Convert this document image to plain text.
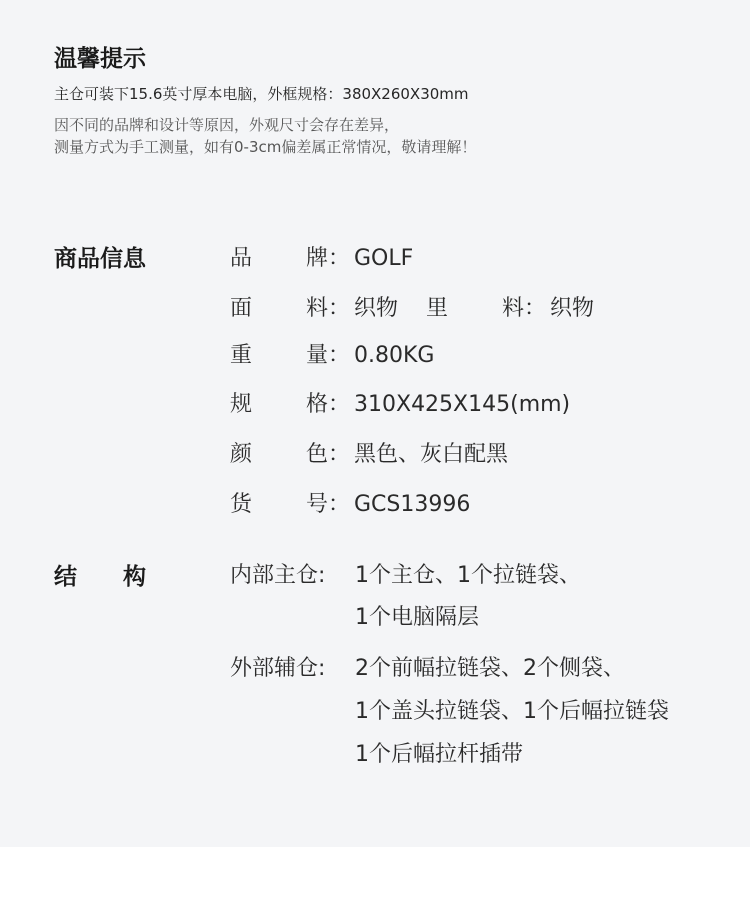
温馨提示
主仓可装下15.6英寸厚本电脑，外框规格：380X260X30mm
因不同的品牌和设计等原因，外观尺寸会存在差异，
测量方式为手工测量，如有0-3cm偏差属正常情况，敬请理解！
商品信息	品牌： GOLF
面料： 织物 里料： 织物
重量： 0.80KG
规格： 310X425X145(mm)
颜色： 黑色、灰白配黑
货号： GCS13996
结　　构	内部主仓: 1个主仓、1个拉链袋、
1个电脑隔层
外部辅仓: 2个前幅拉链袋、2个侧袋、
1个盖头拉链袋、1个后幅拉链袋
1个后幅拉杆插带
